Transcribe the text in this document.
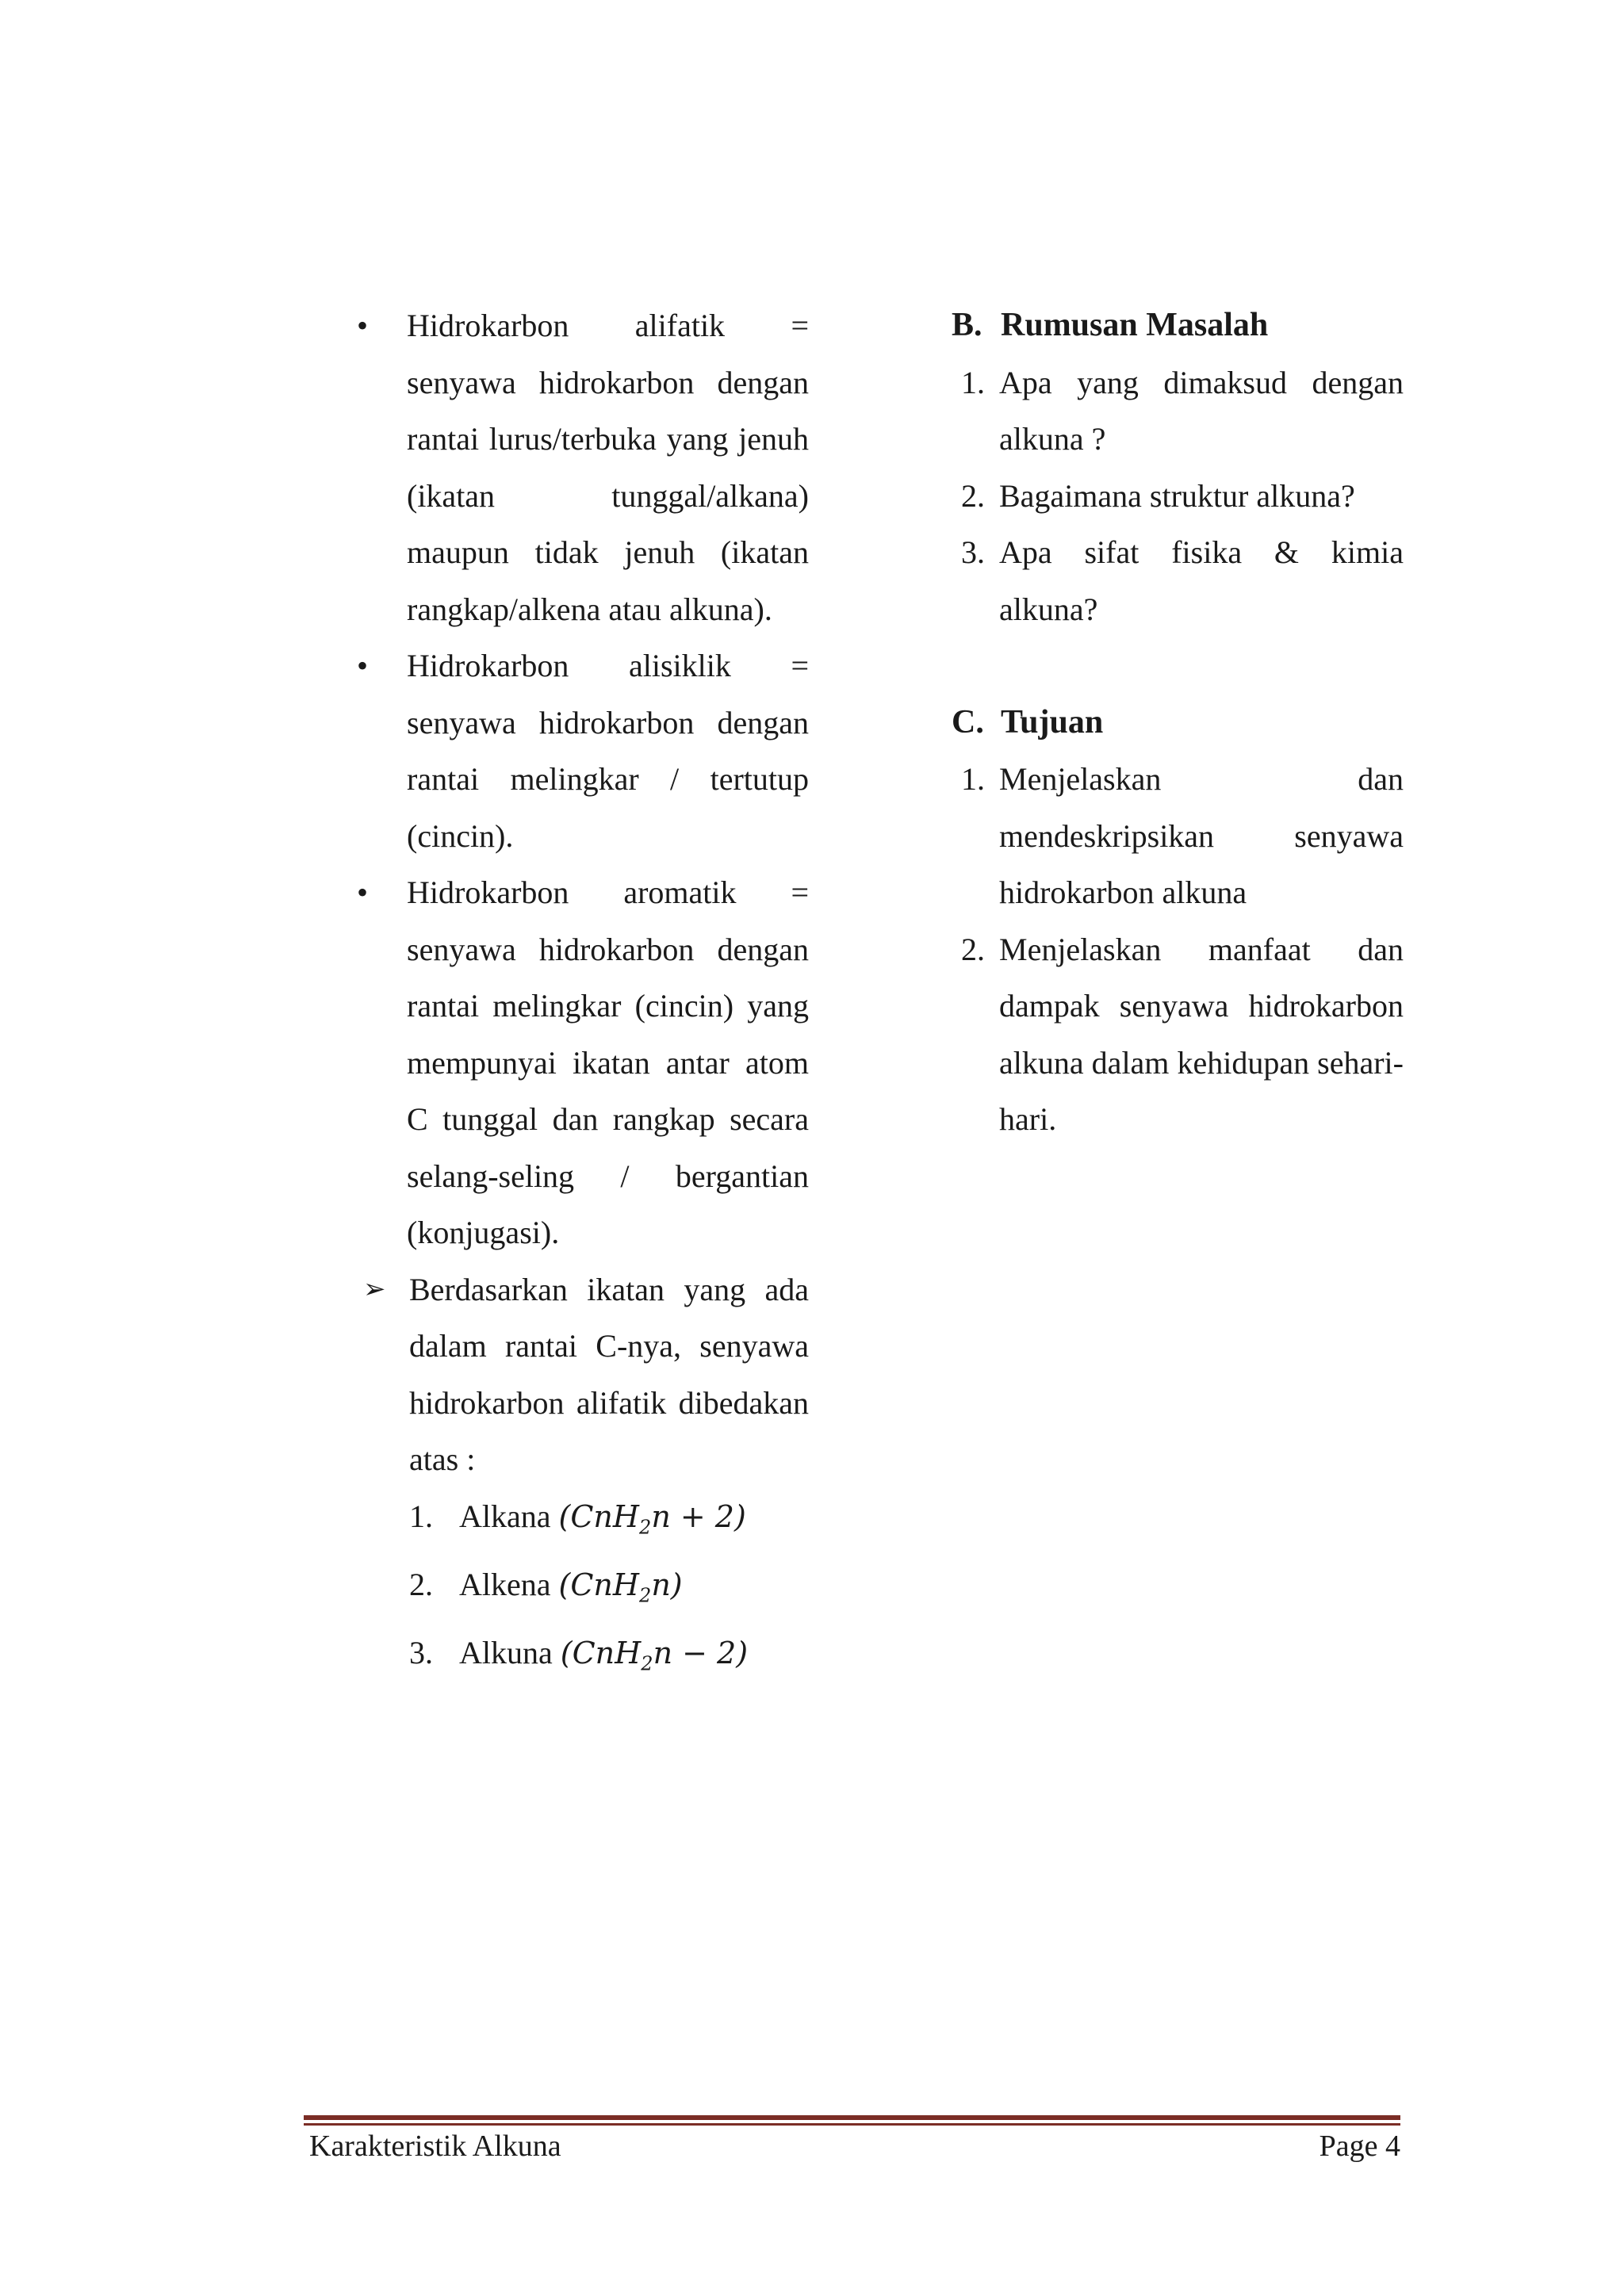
•	Hidrokarbon alifatik = senyawa hidrokarbon dengan rantai lurus/terbuka yang jenuh (ikatan tunggal/alkana) maupun tidak jenuh (ikatan rangkap/alkena atau alkuna).
•	Hidrokarbon alisiklik = senyawa hidrokarbon dengan rantai melingkar / tertutup (cincin).
•	Hidrokarbon aromatik = senyawa hidrokarbon dengan rantai melingkar (cincin) yang mempunyai ikatan antar atom C tunggal dan rangkap secara selang-seling / bergantian (konjugasi).
➢ Berdasarkan ikatan yang ada dalam rantai C-nya, senyawa hidrokarbon alifatik dibedakan atas :
1. Alkana (CnH$_2$n + 2)
2. Alkena (CnH$_2$n)
3. Alkuna (CnH$_2$n − 2)
B. Rumusan Masalah
1. Apa yang dimaksud dengan alkuna ?
2. Bagaimana struktur alkuna?
3. Apa sifat fisika & kimia alkuna?
C. Tujuan
1. Menjelaskan dan mendeskripsikan senyawa hidrokarbon alkuna
2. Menjelaskan manfaat dan dampak senyawa hidrokarbon alkuna dalam kehidupan sehari-hari.
Karakteristik Alkuna	Page 4
